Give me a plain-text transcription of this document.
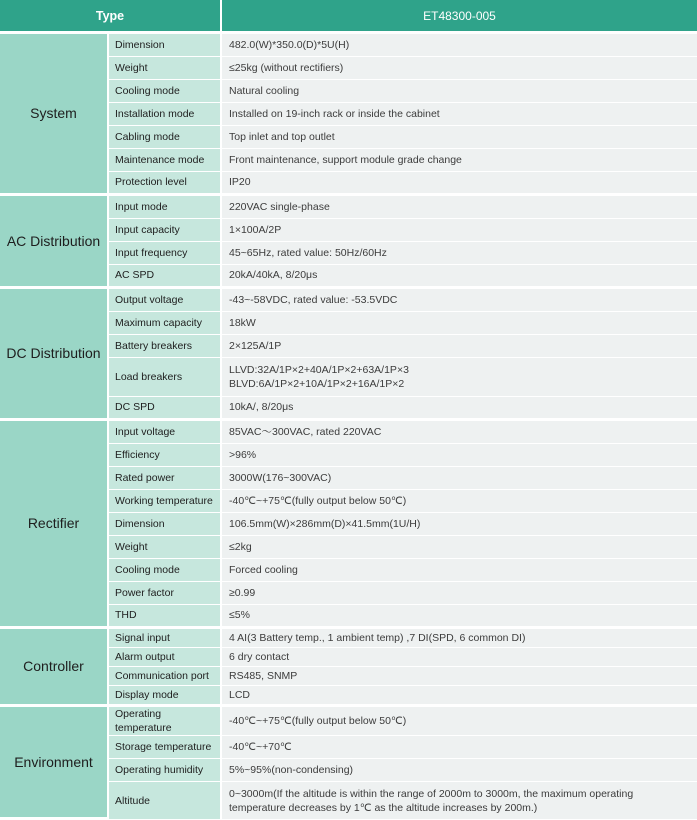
Type		ET48300-005
System	Dimension	482.0(W)*350.0(D)*5U(H)
	Weight	≤25kg (without rectifiers)
	Cooling mode	Natural cooling
	Installation mode	Installed on 19-inch rack or inside the cabinet
	Cabling mode	Top inlet and top outlet
	Maintenance mode	Front maintenance, support module grade change
	Protection level	IP20
AC Distribution	Input mode	220VAC single-phase
	Input capacity	1×100A/2P
	Input frequency	45~65Hz, rated value: 50Hz/60Hz
	AC SPD	20kA/40kA, 8/20μs
DC Distribution	Output voltage	-43~-58VDC, rated value: -53.5VDC
	Maximum capacity	18kW
	Battery breakers	2×125A/1P
	Load breakers	LLVD:32A/1P×2+40A/1P×2+63A/1P×3
BLVD:6A/1P×2+10A/1P×2+16A/1P×2

	DC SPD	10kA/, 8/20μs
Rectifier	Input voltage	85VAC～300VAC, rated 220VAC
	Efficiency	>96%
	Rated power	3000W(176~300VAC)
	Working temperature	-40℃~+75℃(fully output below 50℃)
	Dimension	106.5mm(W)×286mm(D)×41.5mm(1U/H)
	Weight	≤2kg
	Cooling mode	Forced cooling
	Power factor	≥0.99
	THD	≤5%
Controller	Signal input	4 AI(3 Battery temp., 1 ambient temp) ,7 DI(SPD, 6 common DI)
	Alarm output	6 dry contact
	Communication port	RS485, SNMP
	Display mode	LCD
Environment	Operating temperature	-40℃~+75℃(fully output below 50℃)
	Storage temperature	-40℃~+70℃
	Operating humidity	5%~95%(non-condensing)
	Altitude	0~3000m(If the altitude is within the range of 2000m to 3000m, the maximum operating
temperature decreases by 1℃ as the altitude increases by 200m.)
